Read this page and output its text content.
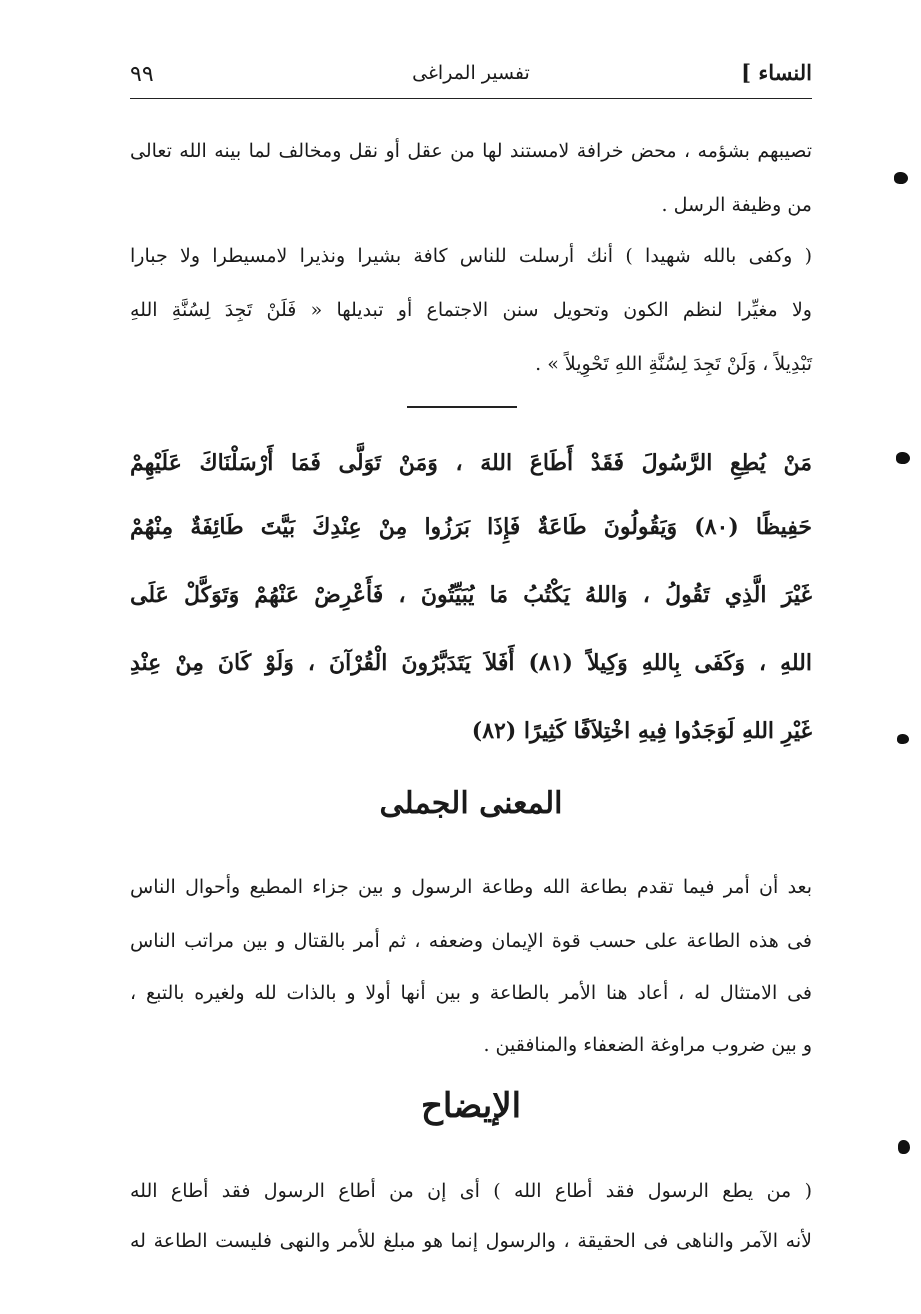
النساء ]
تفسير المراغى
٩٩
تصيبهم بشؤمه ، محض خرافة لامستند لها من عقل أو نقل ومخالف لما بينه الله تعالى
من وظيفة الرسل .
( وكفى بالله شهيدا ) أنك أرسلت للناس كافة بشيرا ونذيرا لامسيطرا ولا جبارا
ولا مغيِّرا لنظم الكون وتحويل سنن الاجتماع أو تبديلها « فَلَنْ تَجِدَ لِسُنَّةِ اللهِ
تَبْدِيلاً ، وَلَنْ تَجِدَ لِسُنَّةِ اللهِ تَحْوِيلاً » .
مَنْ يُطِعِ الرَّسُولَ فَقَدْ أَطَاعَ اللهَ ، وَمَنْ تَوَلَّى فَمَا أَرْسَلْنَاكَ عَلَيْهِمْ
حَفِيظًا (٨٠) وَيَقُولُونَ طَاعَةٌ فَإِذَا بَرَزُوا مِنْ عِنْدِكَ بَيَّتَ طَائِفَةٌ مِنْهُمْ
غَيْرَ الَّذِي تَقُولُ ، وَاللهُ يَكْتُبُ مَا يُبَيِّتُونَ ، فَأَعْرِضْ عَنْهُمْ وَتَوَكَّلْ عَلَى
اللهِ ، وَكَفَى بِاللهِ وَكِيلاً (٨١) أَفَلاَ يَتَدَبَّرُونَ الْقُرْآنَ ، وَلَوْ كَانَ مِنْ عِنْدِ
غَيْرِ اللهِ لَوَجَدُوا فِيهِ اخْتِلاَفًا كَثِيرًا (٨٢)
المعنى الجملى
بعد أن أمر فيما تقدم بطاعة الله وطاعة الرسول و بين جزاء المطيع وأحوال الناس
فى هذه الطاعة على حسب قوة الإيمان وضعفه ، ثم أمر بالقتال و بين مراتب الناس
فى الامتثال له ، أعاد هنا الأمر بالطاعة و بين أنها أولا و بالذات لله ولغيره بالتبع ،
و بين ضروب مراوغة الضعفاء والمنافقين .
الإيضاح
( من يطع الرسول فقد أطاع الله ) أى إن من أطاع الرسول فقد أطاع الله
لأنه الآمر والناهى فى الحقيقة ، والرسول إنما هو مبلغ للأمر والنهى فليست الطاعة له
